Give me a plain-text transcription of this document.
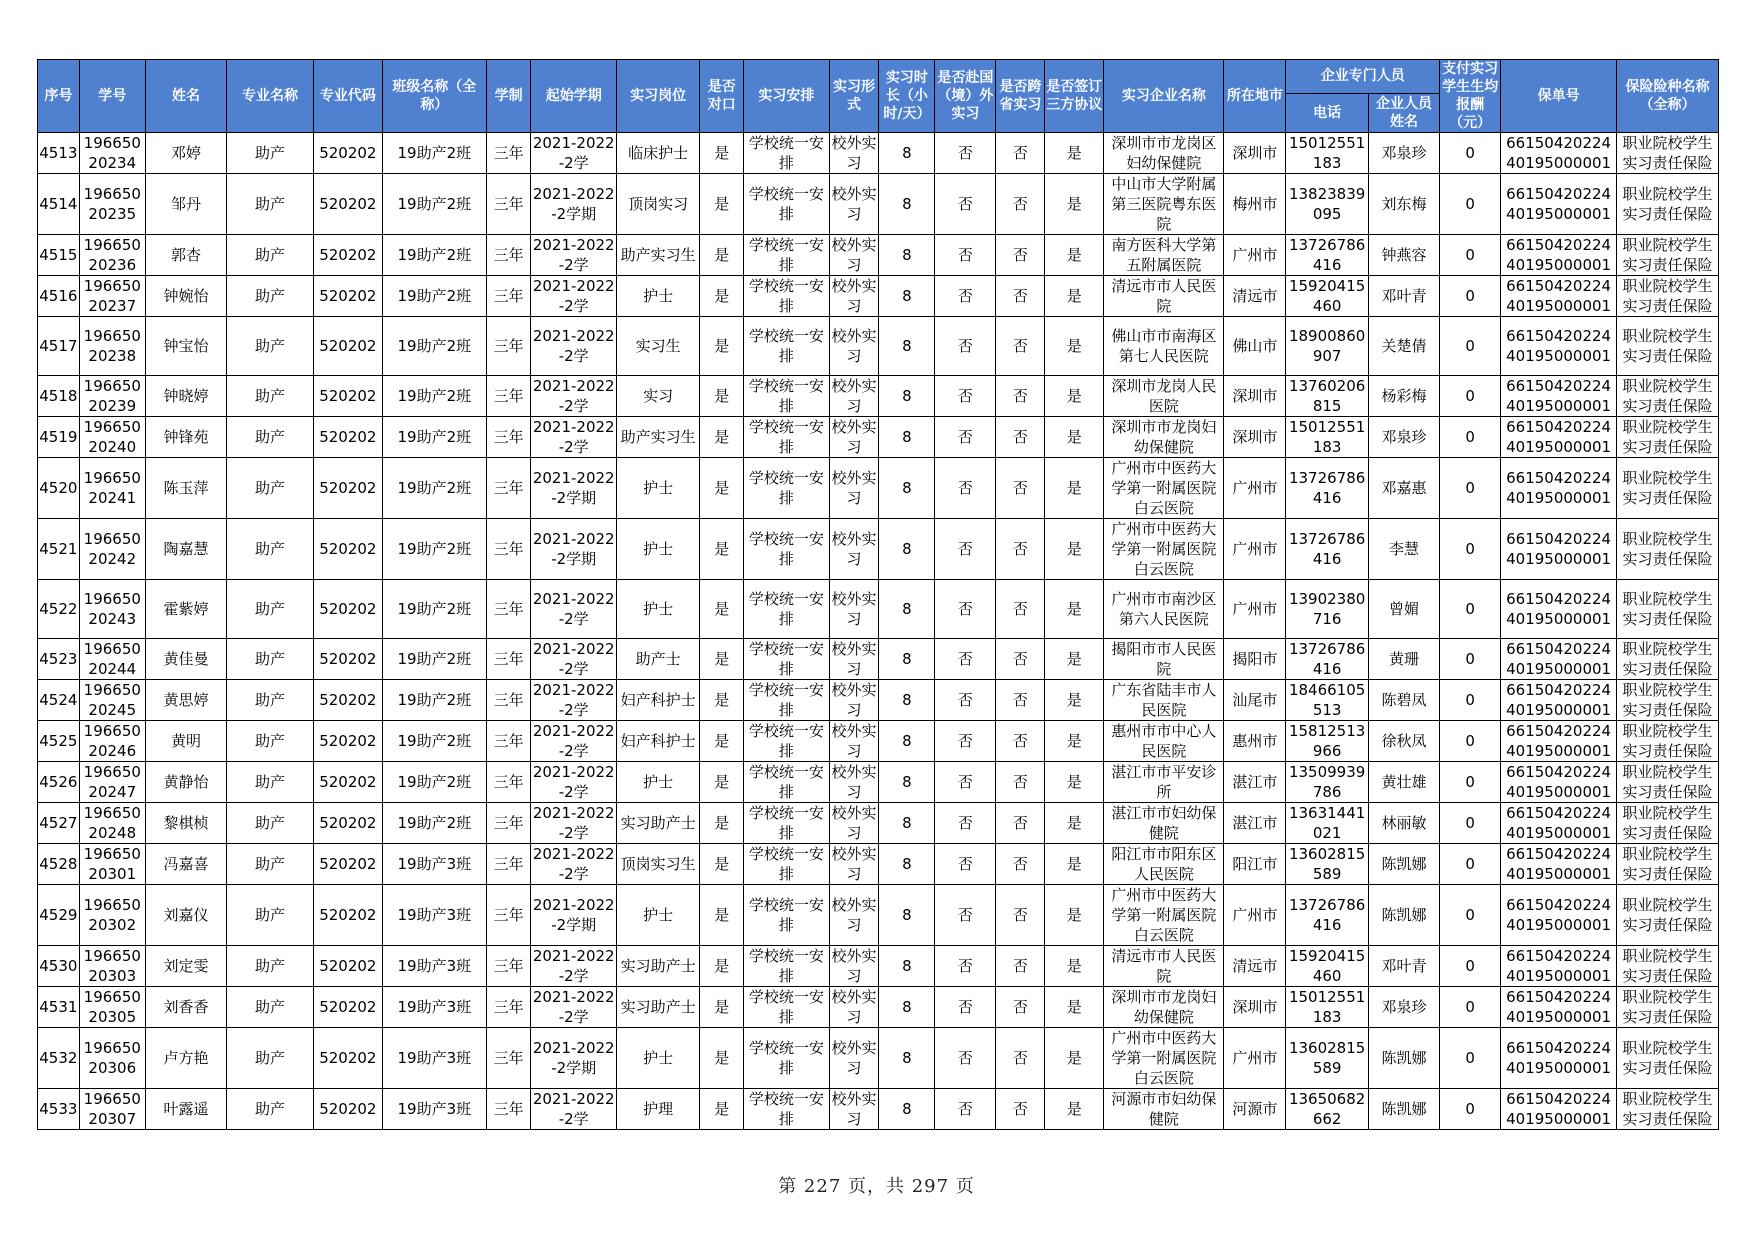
序号	学号	姓名	专业名称	专业代码	班级名称（全称）	学制	起始学期	实习岗位	是否对口	实习安排	实习形式	实习时长（小时/天）	是否赴国（境）外实习	是否跨省实习	是否签订三方协议	实习企业名称	所在地市	企业专门人员		支付实习学生生均报酬（元）	保单号	保险险种名称（全称）
																		电话	企业人员姓名			

4513	19665020234	邓婷	助产	520202	19助产2班	三年	2021-2022-2学	临床护士	是	学校统一安排	校外实习	8	否	否	是	深圳市市龙岗区妇幼保健院	深圳市	15012551183	邓泉珍	0	6615042022440195000001	职业院校学生实习责任保险

4514	19665020235	邹丹	助产	520202	19助产2班	三年	2021-2022-2学期	顶岗实习	是	学校统一安排	校外实习	8	否	否	是	中山市大学附属第三医院粤东医院	梅州市	13823839095	刘东梅	0	6615042022440195000001	职业院校学生实习责任保险

4515	19665020236	郭杏	助产	520202	19助产2班	三年	2021-2022-2学	助产实习生	是	学校统一安排	校外实习	8	否	否	是	南方医科大学第五附属医院	广州市	13726786416	钟燕容	0	6615042022440195000001	职业院校学生实习责任保险

4516	19665020237	钟婉怡	助产	520202	19助产2班	三年	2021-2022-2学	护士	是	学校统一安排	校外实习	8	否	否	是	清远市市人民医院	清远市	15920415460	邓叶青	0	6615042022440195000001	职业院校学生实习责任保险

4517	19665020238	钟宝怡	助产	520202	19助产2班	三年	2021-2022-2学	实习生	是	学校统一安排	校外实习	8	否	否	是	佛山市市南海区第七人民医院	佛山市	18900860907	关楚倩	0	6615042022440195000001	职业院校学生实习责任保险

4518	19665020239	钟晓婷	助产	520202	19助产2班	三年	2021-2022-2学	实习	是	学校统一安排	校外实习	8	否	否	是	深圳市龙岗人民医院	深圳市	13760206815	杨彩梅	0	6615042022440195000001	职业院校学生实习责任保险

4519	19665020240	钟锋苑	助产	520202	19助产2班	三年	2021-2022-2学	助产实习生	是	学校统一安排	校外实习	8	否	否	是	深圳市市龙岗妇幼保健院	深圳市	15012551183	邓泉珍	0	6615042022440195000001	职业院校学生实习责任保险

4520	19665020241	陈玉萍	助产	520202	19助产2班	三年	2021-2022-2学期	护士	是	学校统一安排	校外实习	8	否	否	是	广州市中医药大学第一附属医院白云医院	广州市	13726786416	邓嘉惠	0	6615042022440195000001	职业院校学生实习责任保险

4521	19665020242	陶嘉慧	助产	520202	19助产2班	三年	2021-2022-2学期	护士	是	学校统一安排	校外实习	8	否	否	是	广州市中医药大学第一附属医院白云医院	广州市	13726786416	李慧	0	6615042022440195000001	职业院校学生实习责任保险

4522	19665020243	霍紫婷	助产	520202	19助产2班	三年	2021-2022-2学	护士	是	学校统一安排	校外实习	8	否	否	是	广州市市南沙区第六人民医院	广州市	13902380716	曾媚	0	6615042022440195000001	职业院校学生实习责任保险

4523	19665020244	黄佳曼	助产	520202	19助产2班	三年	2021-2022-2学	助产士	是	学校统一安排	校外实习	8	否	否	是	揭阳市市人民医院	揭阳市	13726786416	黄珊	0	6615042022440195000001	职业院校学生实习责任保险

4524	19665020245	黄思婷	助产	520202	19助产2班	三年	2021-2022-2学	妇产科护士	是	学校统一安排	校外实习	8	否	否	是	广东省陆丰市人民医院	汕尾市	18466105513	陈碧凤	0	6615042022440195000001	职业院校学生实习责任保险

4525	19665020246	黄明	助产	520202	19助产2班	三年	2021-2022-2学	妇产科护士	是	学校统一安排	校外实习	8	否	否	是	惠州市市中心人民医院	惠州市	15812513966	徐秋凤	0	6615042022440195000001	职业院校学生实习责任保险

4526	19665020247	黄静怡	助产	520202	19助产2班	三年	2021-2022-2学	护士	是	学校统一安排	校外实习	8	否	否	是	湛江市市平安诊所	湛江市	13509939786	黄壮雄	0	6615042022440195000001	职业院校学生实习责任保险

4527	19665020248	黎棋桢	助产	520202	19助产2班	三年	2021-2022-2学	实习助产士	是	学校统一安排	校外实习	8	否	否	是	湛江市市妇幼保健院	湛江市	13631441021	林丽敏	0	6615042022440195000001	职业院校学生实习责任保险

4528	19665020301	冯嘉喜	助产	520202	19助产3班	三年	2021-2022-2学	顶岗实习生	是	学校统一安排	校外实习	8	否	否	是	阳江市市阳东区人民医院	阳江市	13602815589	陈凯娜	0	6615042022440195000001	职业院校学生实习责任保险

4529	19665020302	刘嘉仪	助产	520202	19助产3班	三年	2021-2022-2学期	护士	是	学校统一安排	校外实习	8	否	否	是	广州市中医药大学第一附属医院白云医院	广州市	13726786416	陈凯娜	0	6615042022440195000001	职业院校学生实习责任保险

4530	19665020303	刘定雯	助产	520202	19助产3班	三年	2021-2022-2学	实习助产士	是	学校统一安排	校外实习	8	否	否	是	清远市市人民医院	清远市	15920415460	邓叶青	0	6615042022440195000001	职业院校学生实习责任保险

4531	19665020305	刘香香	助产	520202	19助产3班	三年	2021-2022-2学	实习助产士	是	学校统一安排	校外实习	8	否	否	是	深圳市市龙岗妇幼保健院	深圳市	15012551183	邓泉珍	0	6615042022440195000001	职业院校学生实习责任保险

4532	19665020306	卢方艳	助产	520202	19助产3班	三年	2021-2022-2学期	护士	是	学校统一安排	校外实习	8	否	否	是	广州市中医药大学第一附属医院白云医院	广州市	13602815589	陈凯娜	0	6615042022440195000001	职业院校学生实习责任保险

4533	19665020307	叶露遥	助产	520202	19助产3班	三年	2021-2022-2学	护理	是	学校统一安排	校外实习	8	否	否	是	河源市市妇幼保健院	河源市	13650682662	陈凯娜	0	6615042022440195000001	职业院校学生实习责任保险
第 227 页，共 297 页
